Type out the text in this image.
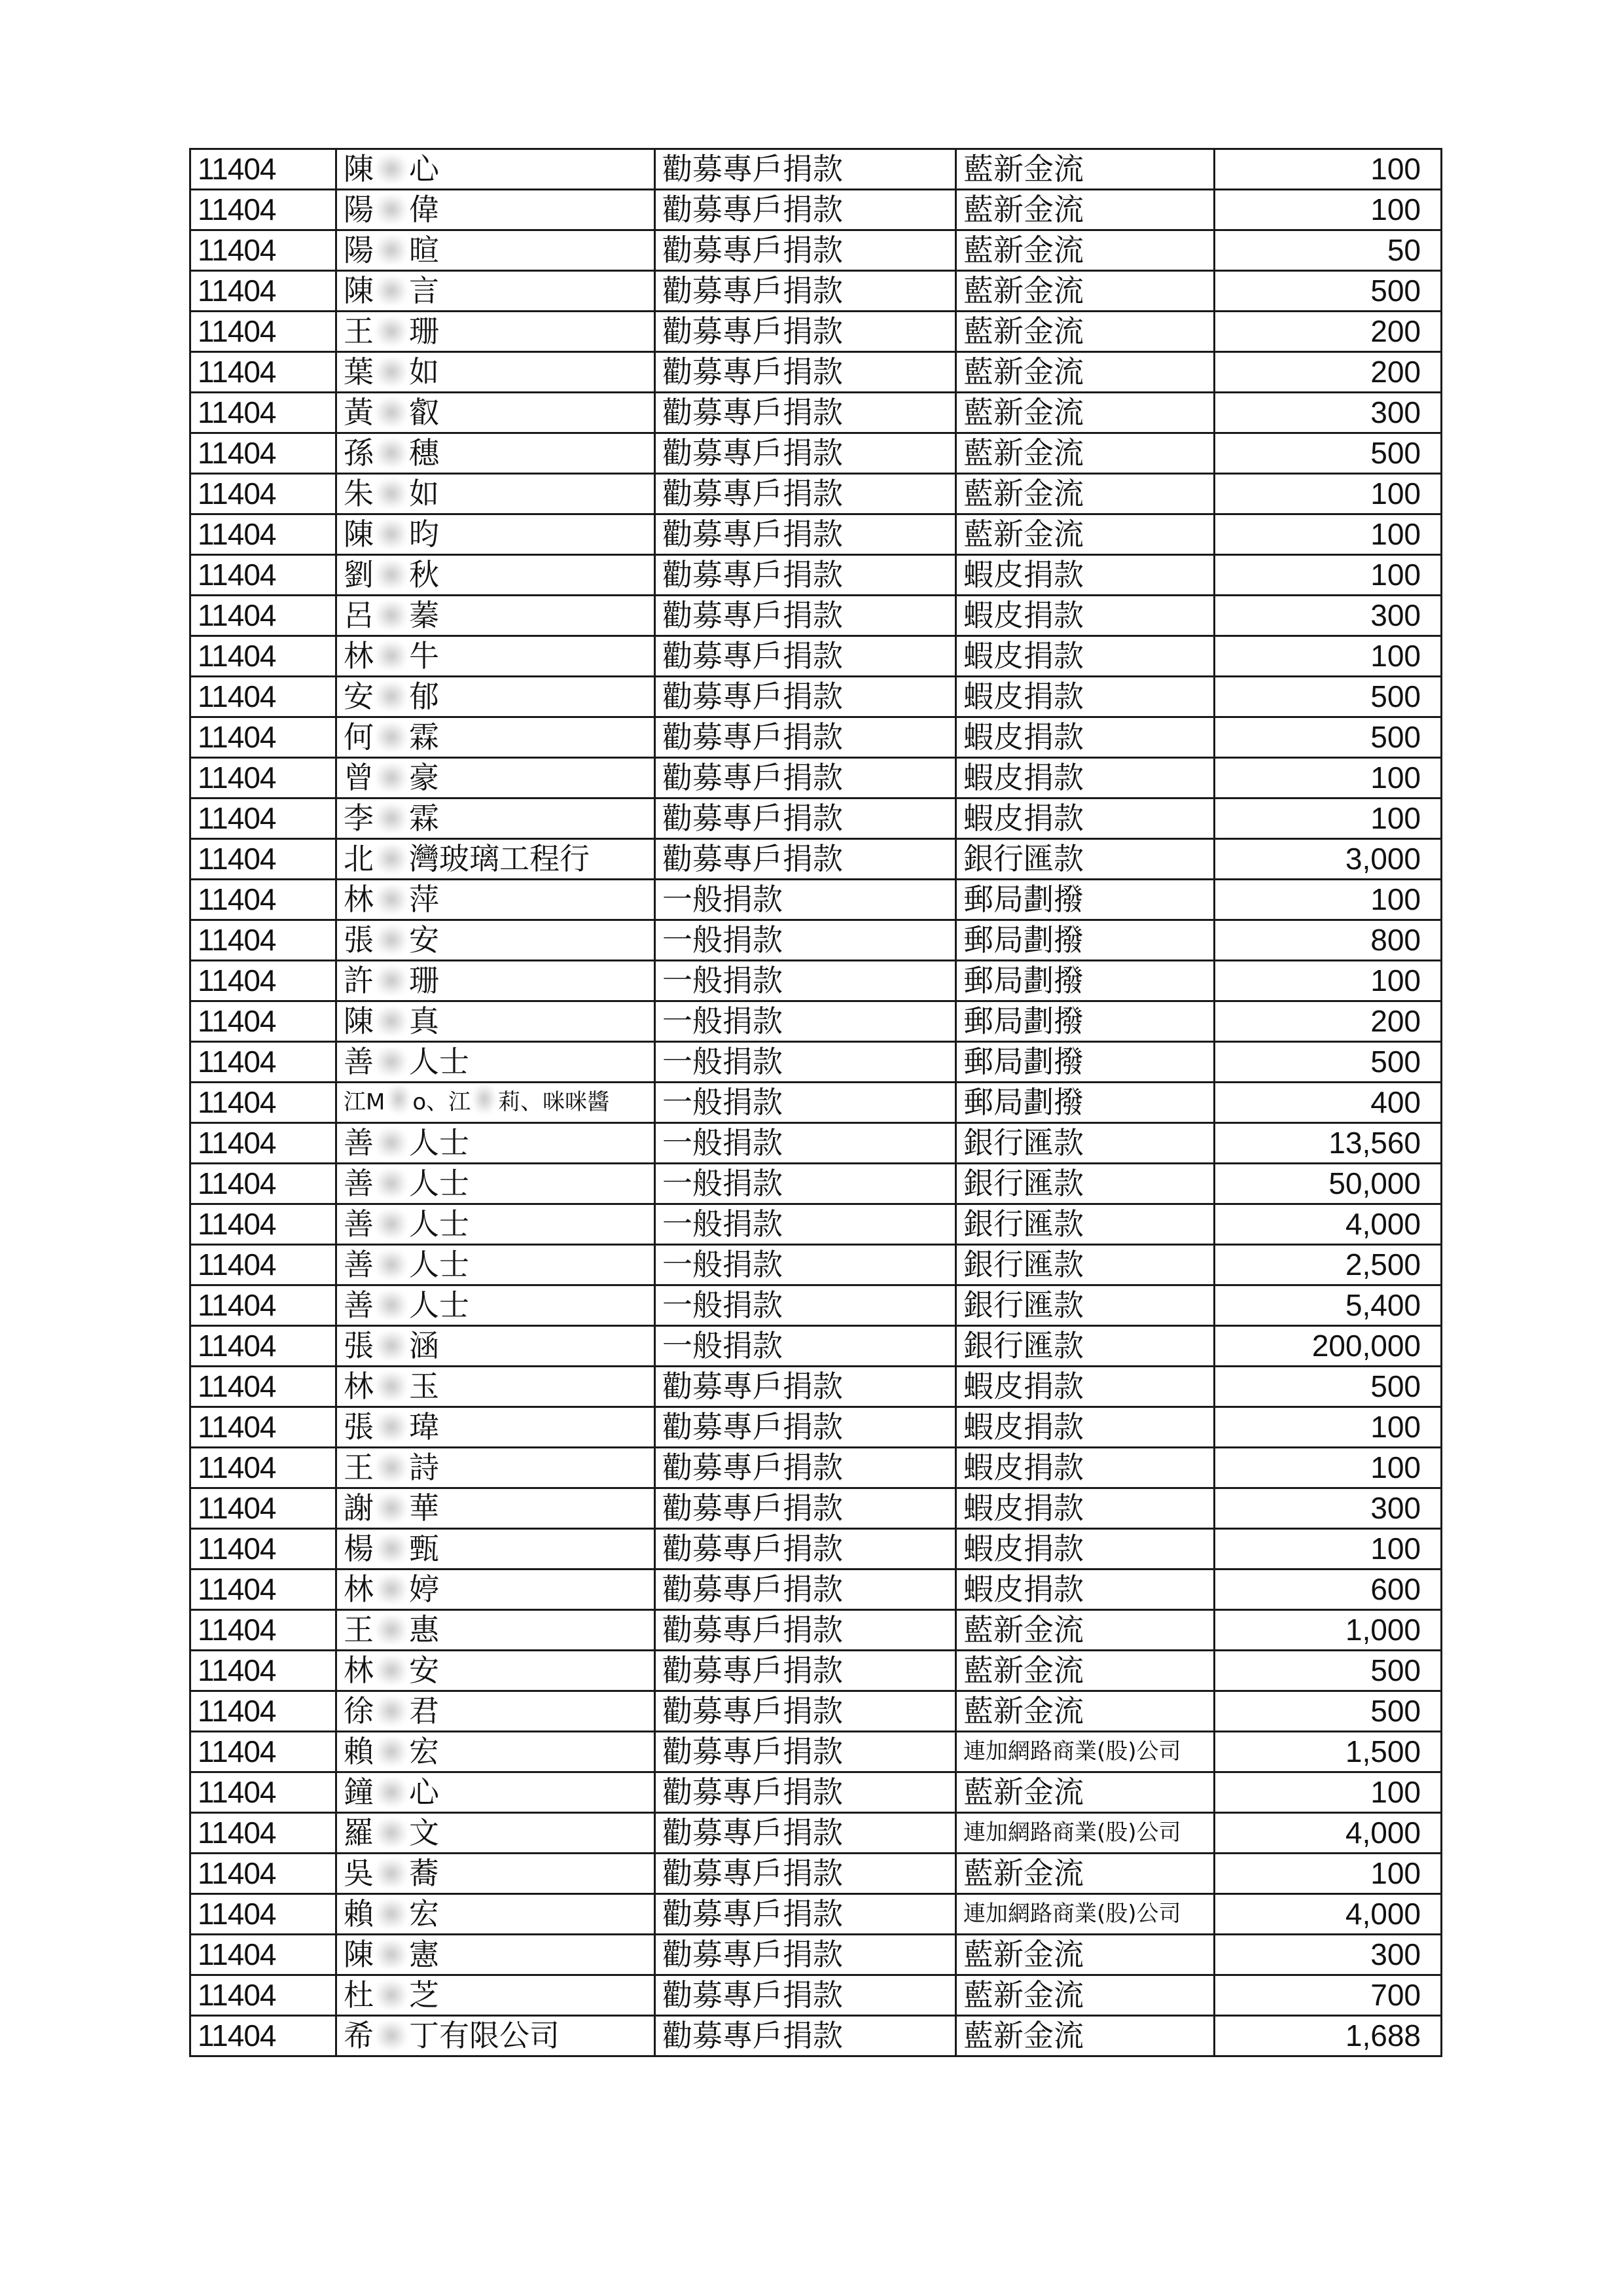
11404	陳 心	勸募專戶捐款	藍新金流	100
11404	陽 偉	勸募專戶捐款	藍新金流	100
11404	陽 暄	勸募專戶捐款	藍新金流	50
11404	陳 言	勸募專戶捐款	藍新金流	500
11404	王 珊	勸募專戶捐款	藍新金流	200
11404	葉 如	勸募專戶捐款	藍新金流	200
11404	黃 叡	勸募專戶捐款	藍新金流	300
11404	孫 穗	勸募專戶捐款	藍新金流	500
11404	朱 如	勸募專戶捐款	藍新金流	100
11404	陳 昀	勸募專戶捐款	藍新金流	100
11404	劉 秋	勸募專戶捐款	蝦皮捐款	100
11404	呂 蓁	勸募專戶捐款	蝦皮捐款	300
11404	林 牛	勸募專戶捐款	蝦皮捐款	100
11404	安 郁	勸募專戶捐款	蝦皮捐款	500
11404	何 霖	勸募專戶捐款	蝦皮捐款	500
11404	曾 豪	勸募專戶捐款	蝦皮捐款	100
11404	李 霖	勸募專戶捐款	蝦皮捐款	100
11404	北 灣玻璃工程行	勸募專戶捐款	銀行匯款	3,000
11404	林 萍	一般捐款	郵局劃撥	100
11404	張 安	一般捐款	郵局劃撥	800
11404	許 珊	一般捐款	郵局劃撥	100
11404	陳 真	一般捐款	郵局劃撥	200
11404	善 人士	一般捐款	郵局劃撥	500
11404	江M o、江 莉、咪咪醬	一般捐款	郵局劃撥	400
11404	善 人士	一般捐款	銀行匯款	13,560
11404	善 人士	一般捐款	銀行匯款	50,000
11404	善 人士	一般捐款	銀行匯款	4,000
11404	善 人士	一般捐款	銀行匯款	2,500
11404	善 人士	一般捐款	銀行匯款	5,400
11404	張 涵	一般捐款	銀行匯款	200,000
11404	林 玉	勸募專戶捐款	蝦皮捐款	500
11404	張 瑋	勸募專戶捐款	蝦皮捐款	100
11404	王 詩	勸募專戶捐款	蝦皮捐款	100
11404	謝 華	勸募專戶捐款	蝦皮捐款	300
11404	楊 甄	勸募專戶捐款	蝦皮捐款	100
11404	林 婷	勸募專戶捐款	蝦皮捐款	600
11404	王 惠	勸募專戶捐款	藍新金流	1,000
11404	林 安	勸募專戶捐款	藍新金流	500
11404	徐 君	勸募專戶捐款	藍新金流	500
11404	賴 宏	勸募專戶捐款	連加網路商業(股)公司	1,500
11404	鐘 心	勸募專戶捐款	藍新金流	100
11404	羅 文	勸募專戶捐款	連加網路商業(股)公司	4,000
11404	吳 蕎	勸募專戶捐款	藍新金流	100
11404	賴 宏	勸募專戶捐款	連加網路商業(股)公司	4,000
11404	陳 憲	勸募專戶捐款	藍新金流	300
11404	杜 芝	勸募專戶捐款	藍新金流	700
11404	希 丁有限公司	勸募專戶捐款	藍新金流	1,688
